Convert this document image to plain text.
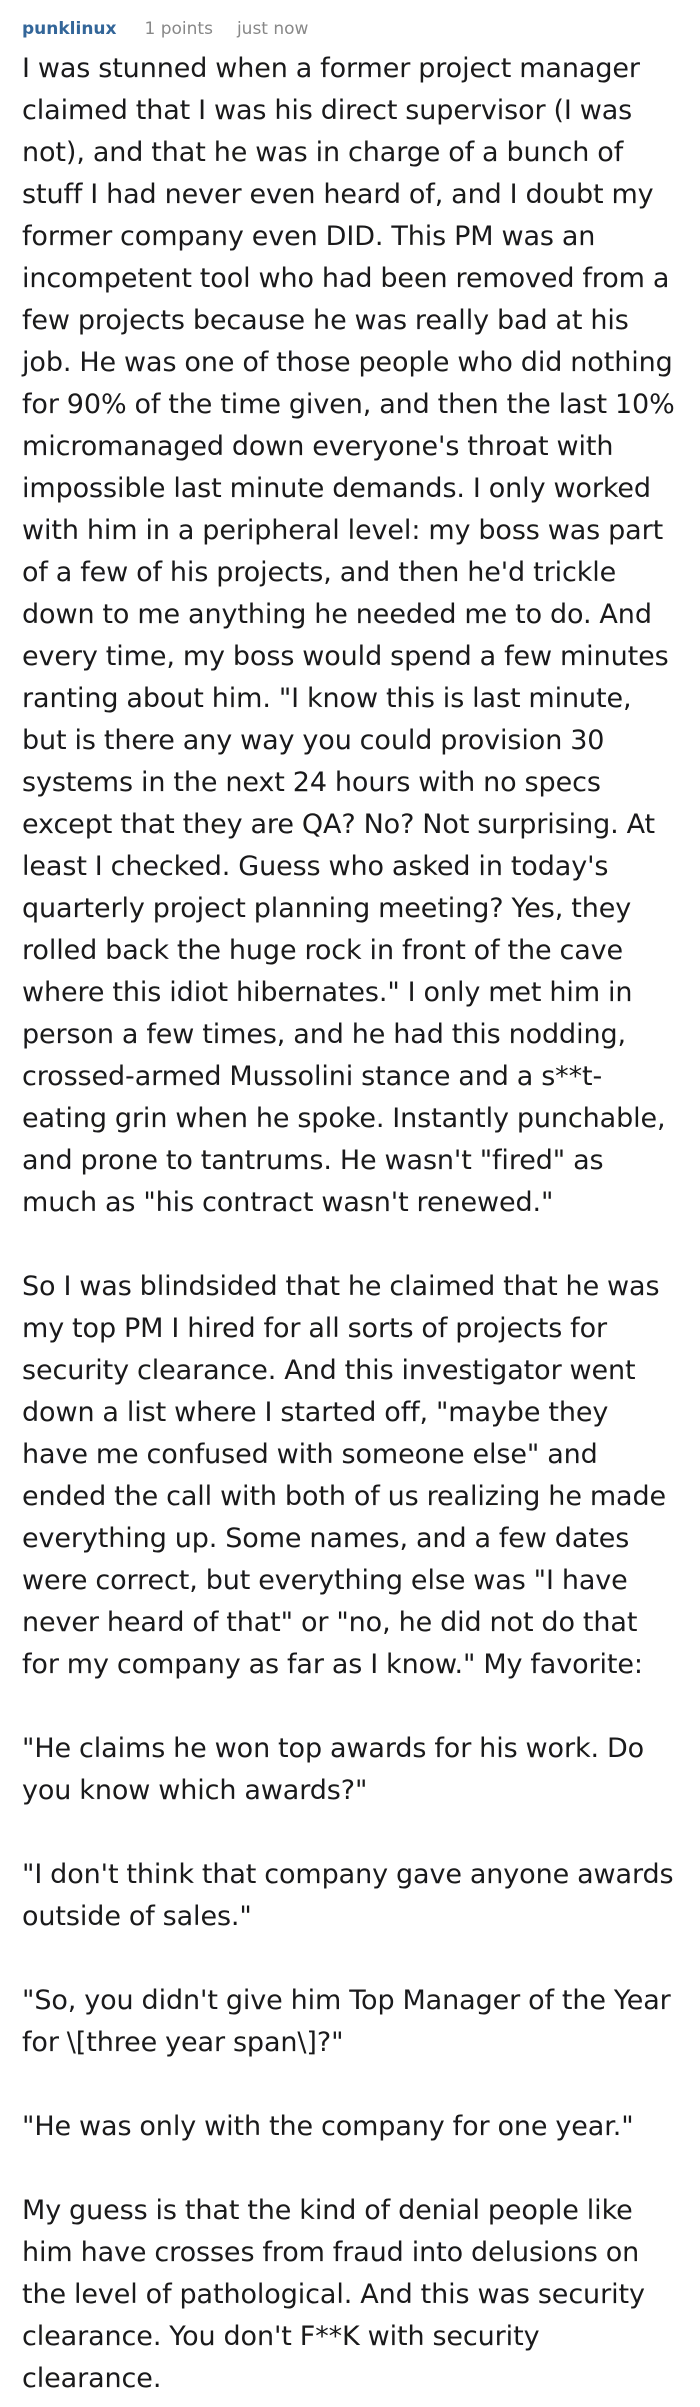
punklinux 1 points just now

I was stunned when a former project manager claimed that I was his direct supervisor (I was not), and that he was in charge of a bunch of stuff I had never even heard of, and I doubt my former company even DID. This PM was an incompetent tool who had been removed from a few projects because he was really bad at his job. He was one of those people who did nothing for 90% of the time given, and then the last 10% micromanaged down everyone's throat with impossible last minute demands. I only worked with him in a peripheral level: my boss was part of a few of his projects, and then he'd trickle down to me anything he needed me to do. And every time, my boss would spend a few minutes ranting about him. "I know this is last minute, but is there any way you could provision 30 systems in the next 24 hours with no specs except that they are QA? No? Not surprising. At least I checked. Guess who asked in today's quarterly project planning meeting? Yes, they rolled back the huge rock in front of the cave where this idiot hibernates." I only met him in person a few times, and he had this nodding, crossed-armed Mussolini stance and a s**t-eating grin when he spoke. Instantly punchable, and prone to tantrums. He wasn't "fired" as much as "his contract wasn't renewed."

So I was blindsided that he claimed that he was my top PM I hired for all sorts of projects for security clearance. And this investigator went down a list where I started off, "maybe they have me confused with someone else" and ended the call with both of us realizing he made everything up. Some names, and a few dates were correct, but everything else was "I have never heard of that" or "no, he did not do that for my company as far as I know." My favorite:

"He claims he won top awards for his work. Do you know which awards?"

"I don't think that company gave anyone awards outside of sales."

"So, you didn't give him Top Manager of the Year for \[three year span\]?"

"He was only with the company for one year."

My guess is that the kind of denial people like him have crosses from fraud into delusions on the level of pathological. And this was security clearance. You don't F**K with security clearance.
